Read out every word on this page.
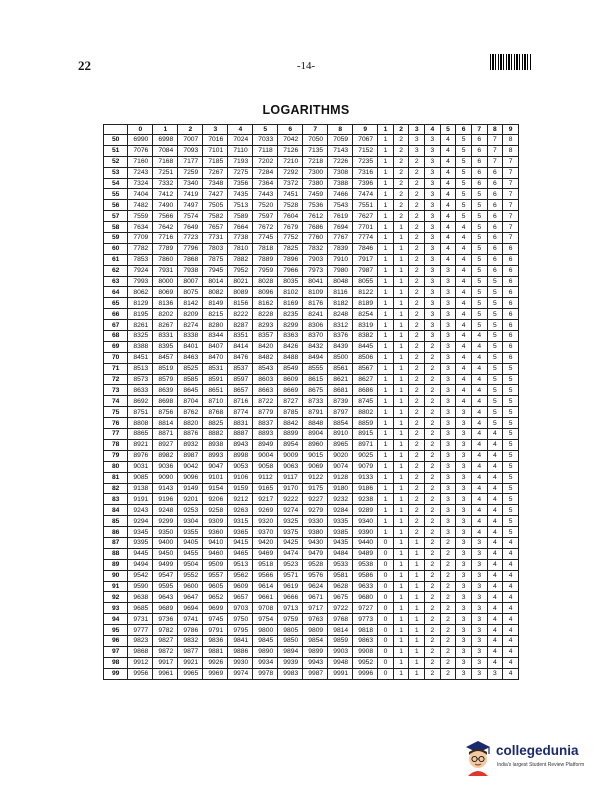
22	-14-
LOGARITHMS
	0	1	2	3	4	5	6	7	8	9	1	2	3	4	5	6	7	8	9
50	6990	6998	7007	7016	7024	7033	7042	7050	7059	7067	1	2	3	3	4	5	6	7	8
51	7076	7084	7093	7101	7110	7118	7126	7135	7143	7152	1	2	3	3	4	5	6	7	8
52	7160	7168	7177	7185	7193	7202	7210	7218	7226	7235	1	2	2	3	4	5	6	7	7
53	7243	7251	7259	7267	7275	7284	7292	7300	7308	7316	1	2	2	3	4	5	6	6	7
54	7324	7332	7340	7348	7356	7364	7372	7380	7388	7396	1	2	2	3	4	5	6	6	7
55	7404	7412	7419	7427	7435	7443	7451	7459	7466	7474	1	2	2	3	4	5	5	6	7
56	7482	7490	7497	7505	7513	7520	7528	7536	7543	7551	1	2	2	3	4	5	5	6	7
57	7559	7566	7574	7582	7589	7597	7604	7612	7619	7627	1	2	2	3	4	5	5	6	7
58	7634	7642	7649	7657	7664	7672	7679	7686	7694	7701	1	1	2	3	4	4	5	6	7
59	7709	7716	7723	7731	7738	7745	7752	7760	7767	7774	1	1	2	3	4	4	5	6	7
60	7782	7789	7796	7803	7810	7818	7825	7832	7839	7846	1	1	2	3	4	4	5	6	6
61	7853	7860	7868	7875	7882	7889	7896	7903	7910	7917	1	1	2	3	4	4	5	6	6
62	7924	7931	7938	7945	7952	7959	7966	7973	7980	7987	1	1	2	3	3	4	5	6	6
63	7993	8000	8007	8014	8021	8028	8035	8041	8048	8055	1	1	2	3	3	4	5	5	6
64	8062	8069	8075	8082	8089	8096	8102	8109	8116	8122	1	1	2	3	3	4	5	5	6
65	8129	8136	8142	8149	8156	8162	8169	8176	8182	8189	1	1	2	3	3	4	5	5	6
66	8195	8202	8209	8215	8222	8228	8235	8241	8248	8254	1	1	2	3	3	4	5	5	6
67	8261	8267	8274	8280	8287	8293	8299	8306	8312	8319	1	1	2	3	3	4	5	5	6
68	8325	8331	8338	8344	8351	8357	8363	8370	8376	8382	1	1	2	3	3	4	4	5	6
69	8388	8395	8401	8407	8414	8420	8426	8432	8439	8445	1	1	2	2	3	4	4	5	6
70	8451	8457	8463	8470	8476	8482	8488	8494	8500	8506	1	1	2	2	3	4	4	5	6
71	8513	8519	8525	8531	8537	8543	8549	8555	8561	8567	1	1	2	2	3	4	4	5	5
72	8573	8579	8585	8591	8597	8603	8609	8615	8621	8627	1	1	2	2	3	4	4	5	5
73	8633	8639	8645	8651	8657	8663	8669	8675	8681	8686	1	1	2	2	3	4	4	5	5
74	8692	8698	8704	8710	8716	8722	8727	8733	8739	8745	1	1	2	2	3	4	4	5	5
75	8751	8756	8762	8768	8774	8779	8785	8791	8797	8802	1	1	2	2	3	3	4	5	5
76	8808	8814	8820	8825	8831	8837	8842	8848	8854	8859	1	1	2	2	3	3	4	5	5
77	8865	8871	8876	8882	8887	8893	8899	8904	8910	8915	1	1	2	2	3	3	4	4	5
78	8921	8927	8932	8938	8943	8949	8954	8960	8965	8971	1	1	2	2	3	3	4	4	5
79	8976	8982	8987	8993	8998	9004	9009	9015	9020	9025	1	1	2	2	3	3	4	4	5
80	9031	9036	9042	9047	9053	9058	9063	9069	9074	9079	1	1	2	2	3	3	4	4	5
81	9085	9090	9096	9101	9106	9112	9117	9122	9128	9133	1	1	2	2	3	3	4	4	5
82	9138	9143	9149	9154	9159	9165	9170	9175	9180	9186	1	1	2	2	3	3	4	4	5
83	9191	9196	9201	9206	9212	9217	9222	9227	9232	9238	1	1	2	2	3	3	4	4	5
84	9243	9248	9253	9258	9263	9269	9274	9279	9284	9289	1	1	2	2	3	3	4	4	5
85	9294	9299	9304	9309	9315	9320	9325	9330	9335	9340	1	1	2	2	3	3	4	4	5
86	9345	9350	9355	9360	9365	9370	9375	9380	9385	9390	1	1	2	2	3	3	4	4	5
87	9395	9400	9405	9410	9415	9420	9425	9430	9435	9440	0	1	1	2	2	3	3	4	4
88	9445	9450	9455	9460	9465	9469	9474	9479	9484	9489	0	1	1	2	2	3	3	4	4
89	9494	9499	9504	9509	9513	9518	9523	9528	9533	9538	0	1	1	2	2	3	3	4	4
90	9542	9547	9552	9557	9562	9566	9571	9576	9581	9586	0	1	1	2	2	3	3	4	4
91	9590	9595	9600	9605	9609	9614	9619	9624	9628	9633	0	1	1	2	2	3	3	4	4
92	9638	9643	9647	9652	9657	9661	9666	9671	9675	9680	0	1	1	2	2	3	3	4	4
93	9685	9689	9694	9699	9703	9708	9713	9717	9722	9727	0	1	1	2	2	3	3	4	4
94	9731	9736	9741	9745	9750	9754	9759	9763	9768	9773	0	1	1	2	2	3	3	4	4
95	9777	9782	9786	9791	9795	9800	9805	9809	9814	9818	0	1	1	2	2	3	3	4	4
96	9823	9827	9832	9836	9841	9845	9850	9854	9859	9863	0	1	1	2	2	3	3	4	4
97	9868	9872	9877	9881	9886	9890	9894	9899	9903	9908	0	1	1	2	2	3	3	4	4
98	9912	9917	9921	9926	9930	9934	9939	9943	9948	9952	0	1	1	2	2	3	3	4	4
99	9956	9961	9965	9969	9974	9978	9983	9987	9991	9996	0	1	1	2	2	3	3	3	4
collegedunia
India's largest Student Review Platform
